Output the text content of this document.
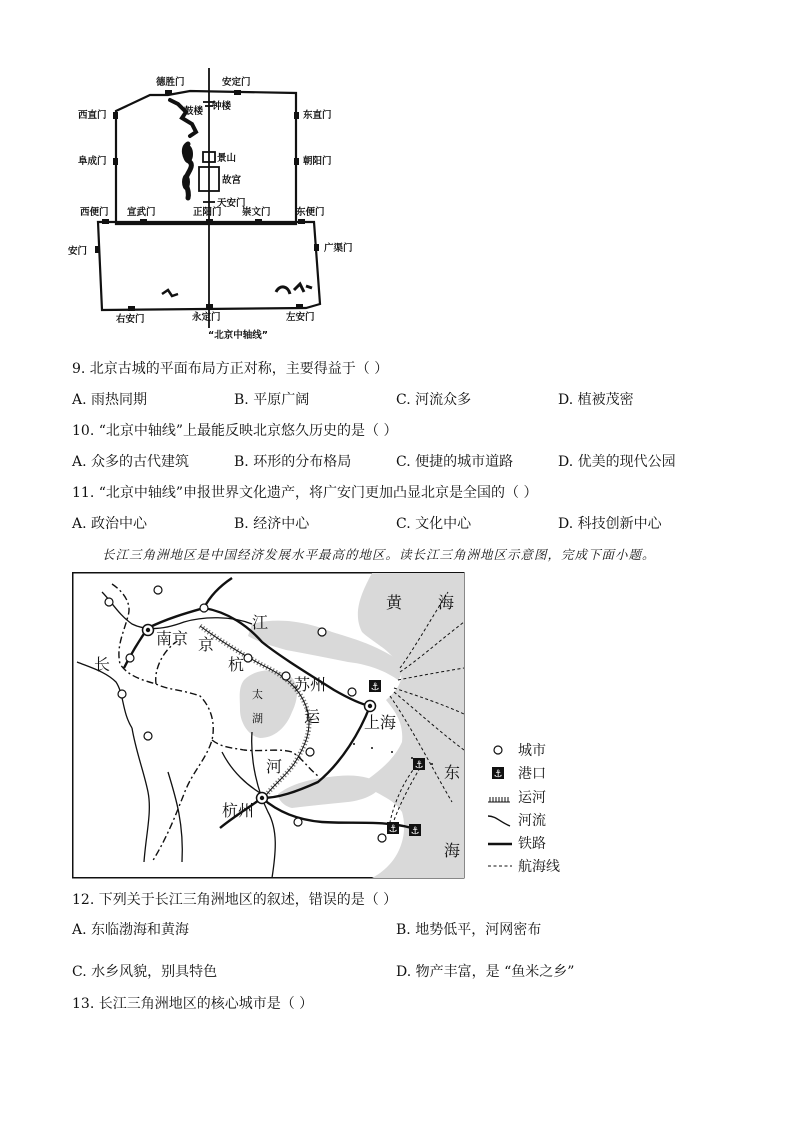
德胜门	安定门
西直门	东直门
阜成门	朝阳门
西便门 宣武门	正阳门 崇文门	东便门
安门	广渠门
右安门	永定门	左安门
鼓楼 钟楼
景山
故宫
天安门
“北京中轴线”
9. 北京古城的平面布局方正对称，主要得益于（ ）
A. 雨热同期	B. 平原广阔	C. 河流众多	D. 植被茂密
10. “北京中轴线”上最能反映北京悠久历史的是（ ）
A. 众多的古代建筑	B. 环形的分布格局	C. 便捷的城市道路	D. 优美的现代公园
11. “北京中轴线”申报世界文化遗产，将广安门更加凸显北京是全国的（ ）
A. 政治中心	B. 经济中心	C. 文化中心	D. 科技创新中心
长江三角洲地区是中国经济发展水平最高的地区。读长江三角洲地区示意图，完成下面小题。
⚓
⚓
⚓ ⚓
南京 京
杭
江
长
苏州
运	上海
河
杭州
黄 海
东
海
太
湖
⚓
城市
港口
运河
河流
铁路
航海线
12. 下列关于长江三角洲地区的叙述，错误的是（ ）
A. 东临渤海和黄海	B. 地势低平，河网密布
C. 水乡风貌，别具特色	D. 物产丰富，是 “鱼米之乡”
13. 长江三角洲地区的核心城市是（ ）
